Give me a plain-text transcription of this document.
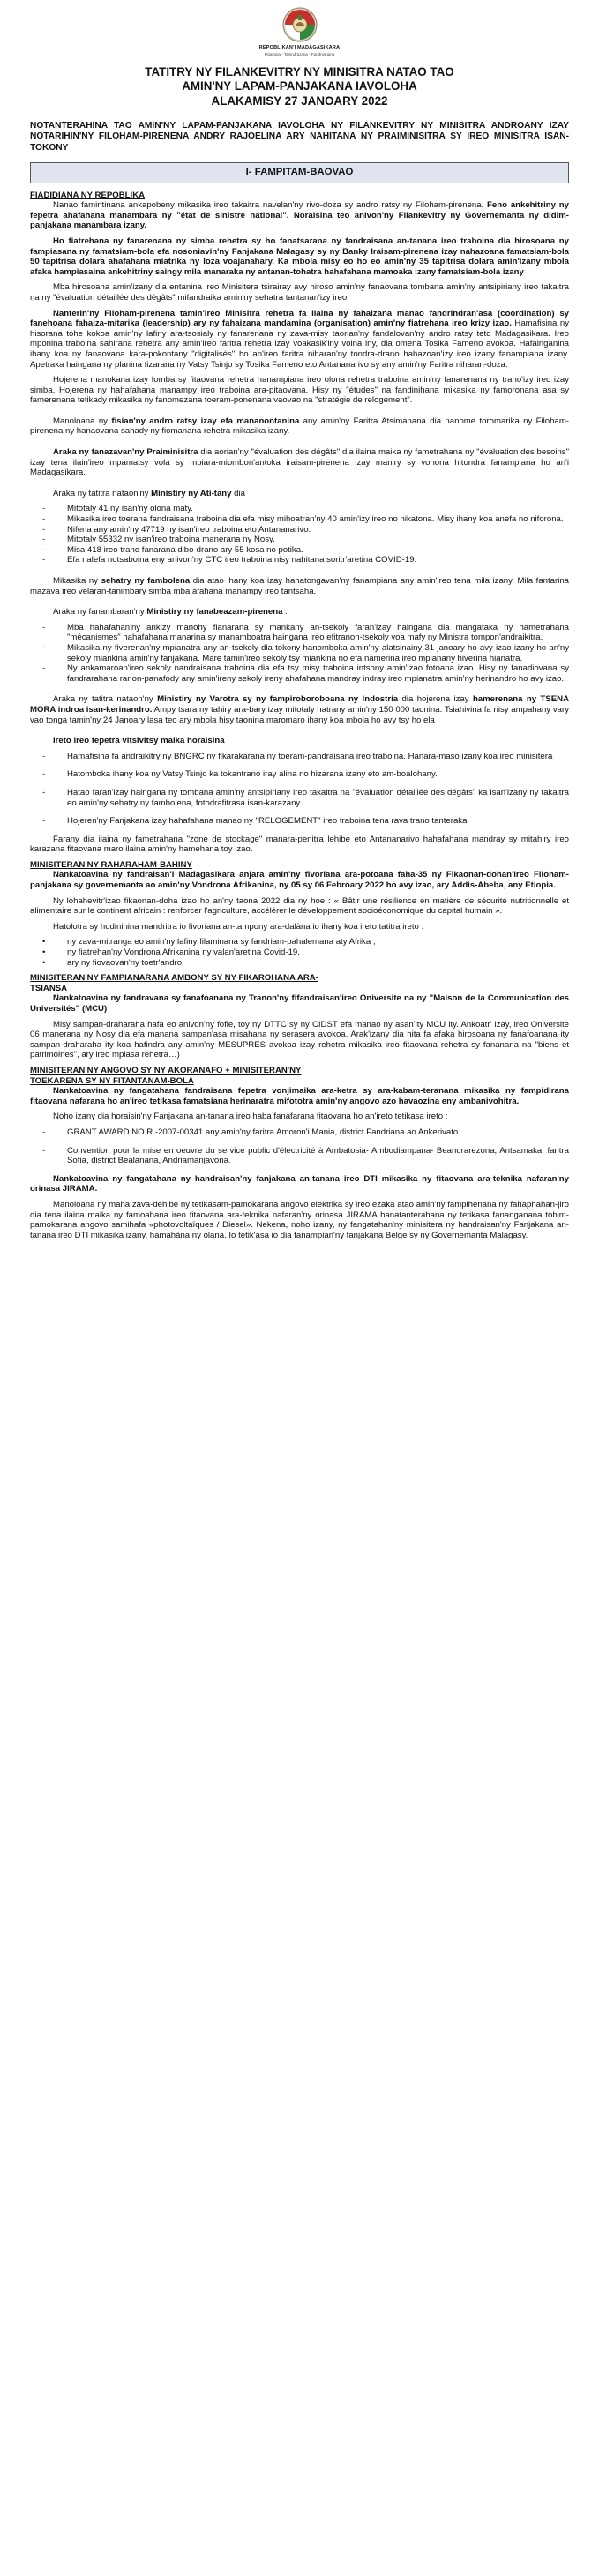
REPOBLIKAN'I MADAGASIKARA
Fitiavana - Tanindrazana - Fandrosoana
TATITRY NY FILANKEVITRY NY MINISITRA NATAO TAO
AMIN'NY LAPAM-PANJAKANA IAVOLOHA
ALAKAMISY 27 JANOARY 2022

NOTANTERAHINA TAO AMIN'NY LAPAM-PANJAKANA IAVOLOHA NY FILANKEVITRY NY MINISITRA ANDROANY IZAY NOTARIHIN'NY FILOHAM-PIRENENA ANDRY RAJOELINA ARY NAHITANA NY PRAIMINISITRA SY IREO MINISITRA ISAN-TOKONY

I- FAMPITAM-BAOVAO
FIADIDIANA NY REPOBLIKA

Nanao famintinana ankapobeny mikasika ireo takaitra navelan'ny rivo-doza sy andro ratsy ny Filoham-pirenena. Feno ankehitriny ny fepetra ahafahana manambara ny "état de sinistre national". Noraisina teo anivon'ny Filankevitry ny Governemanta ny didim-panjakana manambara izany.

Ho fiatrehana ny fanarenana ny simba rehetra sy ho fanatsarana ny fandraisana an-tanana ireo traboina dia hirosoana ny fampiasana ny famatsiam-bola efa nosoniavin'ny Fanjakana Malagasy sy ny Banky Iraisam-pirenena izay nahazoana famatsiam-bola 50 tapitrisa dolara ahafahana miatrika ny loza voajanahary. Ka mbola misy eo ho eo amin'ny 35 tapitrisa dolara amin'izany mbola afaka hampiasaina ankehitriny saingy mila manaraka ny antanan-tohatra hahafahana mamoaka izany famatsiam-bola izany

Mba hirosoana amin'izany dia entanina ireo Minisitera tsirairay avy hiroso amin'ny fanaovana tombana amin'ny antsipiriany ireo takaitra na ny "évaluation détaillée des dégâts" mifandraika amin'ny sehatra tantanan'izy ireo.

Nanterin'ny Filoham-pirenena tamin'ireo Minisitra rehetra fa ilaina ny fahaizana manao fandrindran'asa (coordination) sy fanehoana fahaiza-mitarika (leadership) ary ny fahaizana mandamina (organisation) amin'ny fiatrehana ireo krizy izao. Hamafisina ny hisorana tohe kokoa amin'ny lafiny ara-tsosialy ny fanarenana ny zava-misy taorian'ny fandalovan'ny andro ratsy teto Madagasikara. Ireo mponina traboina sahirana rehetra any amin'ireo faritra rehetra izay voakasik'iny voina iny, dia omena Tosika Fameno avokoa. Hafainganina ihany koa ny fanaovana kara-pokontany "digitalisés" ho an'ireo faritra niharan'ny tondra-drano hahazoan'izy ireo izany fanampiana izany. Apetraka haingana ny planina fizarana ny Vatsy Tsinjo sy Tosika Fameno eto Antananarivo sy any amin'ny Faritra niharan-doza.

Hojerena manokana izay fomba sy fitaovana rehetra hanampiana ireo olona rehetra traboina amin'ny fanarenana ny trano'izy ireo izay simba. Hojerena ny hahafahana manampy ireo traboina ara-pitaovana. Hisy ny "études" na fandinihana mikasika ny famoronana asa sy famerenana tetikady mikasika ny fanomezana toeram-ponenana vaovao na "stratégie de relogement".

Manoloana ny fisian'ny andro ratsy izay efa mananontanina any amin'ny Faritra Atsimanana dia nanome toromarika ny Filoham-pirenena ny hanaovana sahady ny fiomanana rehetra mikasika izany.

Araka ny fanazavan'ny Praiminisitra dia aorian'ny "évaluation des dégâts" dia ilaina maika ny fametrahana ny "évaluation des besoins" izay tena ilain'ireo mpamatsy vola sy mpiara-miombon'antoka iraisam-pirenena izay maniry sy vonona hitondra fanampiana ho an'i Madagasikara.

Araka ny tatitra nataon'ny Ministiry ny Ati-tany dia

- Mitotaly 41 ny isan'ny olona maty.
- Mikasika ireo toerana fandraisana traboina dia efa misy mihoatran'ny 40 amin'izy ireo no nikatona. Misy ihany koa anefa no niforona.
- Nifena any amin'ny 47719 ny isan'ireo traboina eto Antananarivo.
- Mitotaly 55332 ny isan'ireo traboina manerana ny Nosy.
- Misa 418 ireo trano fanarana dibo-drano ary 55 kosa no potika.
- Efa nalefa notsaboina eny anivon'ny CTC ireo traboina nisy nahitana soritr'aretina COVID-19.

Mikasika ny sehatry ny fambolena dia atao ihany koa izay hahatongavan'ny fanampiana any amin'ireo tena mila izany. Mila fantarina mazava ireo velaran-tanimbary simba mba afahana manampy ireo tantsaha.

Araka ny fanambaran'ny Ministiry ny fanabeazam-pirenena :

- Mba hahafahan'ny ankizy manohy fianarana sy mankany an-tsekoly faran'izay haingana dia mangataka ny hametrahana "mécanismes" hahafahana manarina sy manamboatra haingana ireo efitranon-tsekoly voa mafy ny Ministra tompon'andraikitra.
- Mikasika ny fiverenan'ny mpianatra any an-tsekoly dia tokony hanomboka amin'ny alatsinainy 31 janoary ho avy izao izany ho an'ny sekoly miankina amin'ny fanjakana. Mare tamin'ireo sekoly tsy miankina no efa namerina ireo mpianany hiverina hianatra.
- Ny ankamaroan'ireo sekoly nandraisana traboina dia efa tsy misy traboina intsony amin'izao fotoana izao. Hisy ny fanadiovana sy fandrarahana ranon-panafody any amin'ireny sekoly ireny ahafahana mandray indray ireo mpianatra amin'ny herinandro ho avy izao.

Araka ny tatitra nataon'ny Ministiry ny Varotra sy ny fampiroboroboana ny Indostria dia hojerena izay hamerenana ny TSENA MORA indroa isan-kerinandro. Ampy tsara ny tahiry ara-bary izay mitotaly hatrany amin'ny 150 000 taonina. Tsiahivina fa nisy ampahany vary vao tonga tamin'ny 24 Janoary lasa teo ary mbola hisy taonina maromaro ihany koa mbola ho avy tsy ho ela

Ireto ireo fepetra vitsivitsy maika horaisina

- Hamafisina fa andraikitry ny BNGRC ny fikarakarana ny toeram-pandraisana ireo traboina. Hanara-maso izany koa ireo minisitera
- Hatomboka ihany koa ny Vatsy Tsinjo ka tokantrano iray alina no hizarana izany eto am-boalohany.
- Hatao faran'izay haingana ny tombana amin'ny antsipiriany ireo takaitra na "évaluation détaillée des dégâts" ka isan'izany ny takaitra eo amin'ny sehatry ny fambolena, fotodrafitrasa isan-karazany.
- Hojeren'ny Fanjakana izay hahafahana manao ny "RELOGEMENT" ireo traboina tena rava trano tanteraka

Farany dia ilaina ny fametrahana "zone de stockage" manara-penitra lehibe eto Antananarivo hahafahana mandray sy mitahiry ireo karazana fitaovana maro ilaina amin'ny hamehana toy izao.

MINISITERAN'NY RAHARAHAM-BAHINY

Nankatoavina ny fandraisan'i Madagasikara anjara amin'ny fivoriana ara-potoana faha-35 ny Fikaonan-dohan'ireo Filoham-panjakana sy governemanta ao amin'ny Vondrona Afrikanina, ny 05 sy 06 Febroary 2022 ho avy izao, ary Addis-Abeba, any Etiopia.

Ny lohahevitr'izao fikaonan-doha izao ho an'ny taona 2022 dia ny hoe : « Bâtir une résilience en matière de sécurité nutritionnelle et alimentaire sur le continent africain : renforcer l'agriculture, accélérer le développement socioéconomique du capital humain ».

Hatolotra sy hodinihina mandritra io fivoriana an-tampony ara-dalàna io ihany koa ireto tatitra ireto :

• ny zava-mitranga eo amin'ny lafiny filaminana sy fandriam-pahalemana aty Afrika ;
• ny fiatrehan'ny Vondrona Afrikanina ny valan'aretina Covid-19,
• ary ny fiovaovan'ny toetr'andro.
MINISITERAN'NY FAMPIANARANA AMBONY SY NY FIKAROHANA ARA-
TSIANSA

Nankatoavina ny fandravana sy fanafoanana ny Tranon'ny fifandraisan'ireo Oniversite na ny "Maison de la Communication des Universités" (MCU)

Misy sampan-draharaha hafa eo anivon'ny fofie, toy ny DTTC sy ny CIDST efa manao ny asan'ity MCU ity. Ankoatr' izay, ireo Oniversite 06 manerana ny Nosy dia efa manana sampan'asa misahana ny serasera avokoa. Arak'izany dia hita fa afaka hirosoana ny fanafoanana ity sampan-draharaha ity koa hafindra any amin'ny MESUPRES avokoa izay rehetra mikasika ireo fitaovana rehetra sy fananana na "biens et patrimoines", ary ireo mpiasa rehetra…)

MINISITERAN'NY ANGOVO SY NY AKORANAFO + MINISITERAN'NY
TOEKARENA SY NY FITANTANAM-BOLA

Nankatoavina ny fangatahana fandraisana fepetra vonjimaika ara-ketra sy ara-kabam-teranana mikasika ny fampidirana fitaovana nafarana ho an'ireo tetikasa famatsiana herinaratra mifototra amin'ny angovo azo havaozina eny ambanivohitra.

Noho izany dia horaisin'ny Fanjakana an-tanana ireo haba fanafarana fitaovana ho an'ireto tetikasa ireto :

- GRANT AWARD NO R -2007-00341 any amin'ny faritra Amoron'i Mania, district Fandriana ao Ankerivato.
- Convention pour la mise en oeuvre du service public d'électricité à Ambatosia- Ambodiampana- Beandrarezona, Antsamaka, faritra Sofia, district Bealanana, Andriamanjavona.

Nankatoavina ny fangatahana ny handraisan'ny fanjakana an-tanana ireo DTI mikasika ny fitaovana ara-teknika nafaran'ny orinasa JIRAMA.

Manoloana ny maha zava-dehibe ny tetikasam-pamokarana angovo elektrika sy ireo ezaka atao amin'ny fampihenana ny fahaphahan-jiro dia tena ilaina maika ny famoahana ireo fitaovana ara-teknika nafaran'ny orinasa JIRAMA hanatanterahana ny tetikasa fananganana tobim-pamokarana angovo samihafa «photovoltaïques / Diesel». Nekena, noho izany, ny fangatahan'ny minisitera ny handraisan'ny Fanjakana an-tanana ireo DTI mikasika izany, hamahàna ny olana. Io tetik'asa io dia fanampian'ny fanjakana Belge sy ny Governemanta Malagasy.
